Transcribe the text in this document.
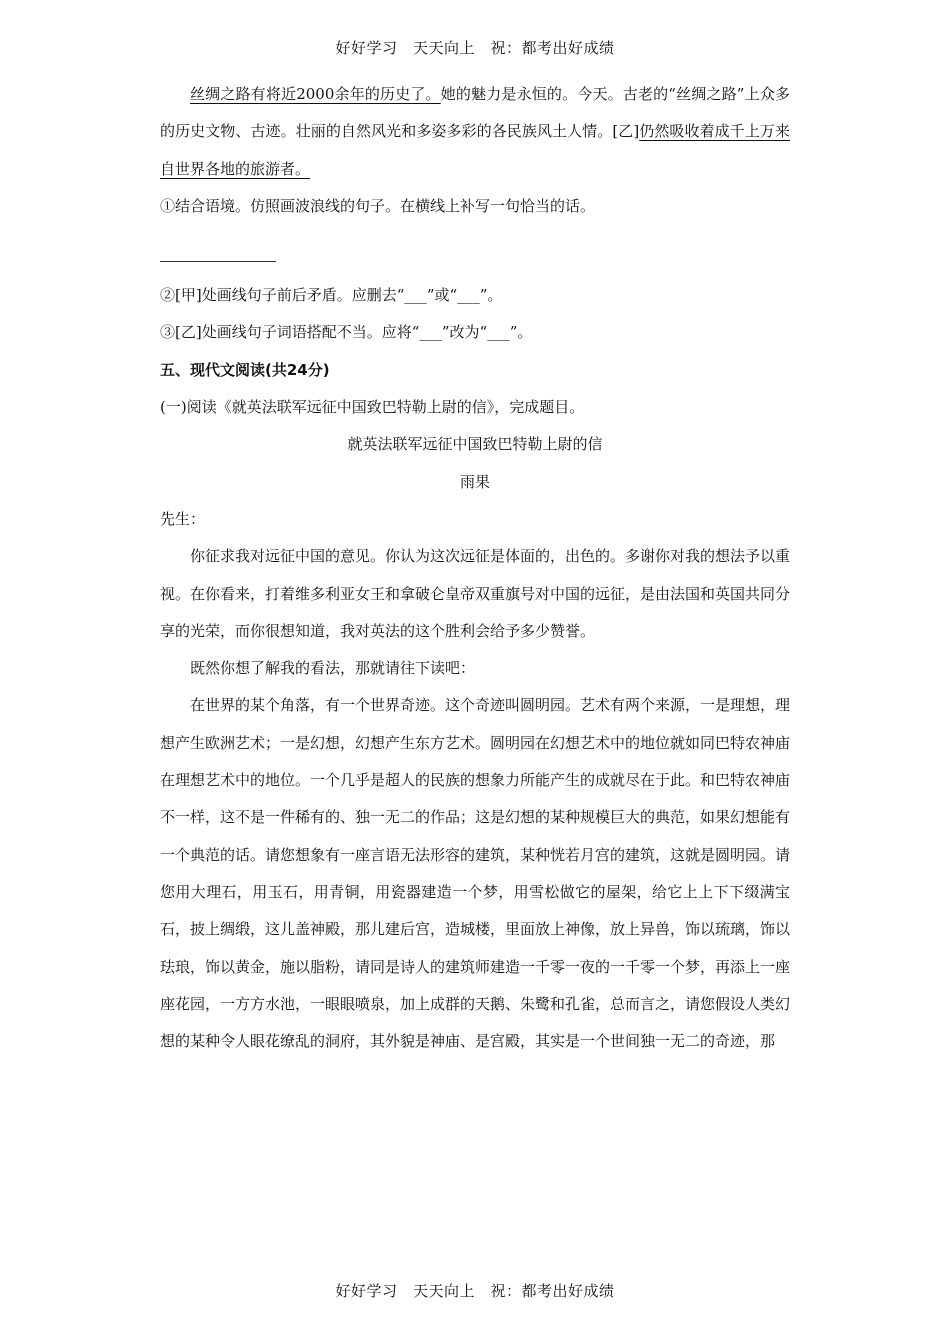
好好学习　天天向上　祝：都考出好成绩

丝绸之路有将近2000余年的历史了。她的魅力是永恒的。今天。古老的“丝绸之路”上众多的历史文物、古迹。壮丽的自然风光和多姿多彩的各民族风土人情。[乙]仍然吸收着成千上万来自世界各地的旅游者。

①结合语境。仿照画波浪线的句子。在横线上补写一句恰当的话。

②[甲]处画线句子前后矛盾。应删去“___”或“___”。

③[乙]处画线句子词语搭配不当。应将“___”改为“___”。

五、现代文阅读(共24分)

(一)阅读《就英法联军远征中国致巴特勒上尉的信》，完成题目。

就英法联军远征中国致巴特勒上尉的信

雨果

先生：

你征求我对远征中国的意见。你认为这次远征是体面的，出色的。多谢你对我的想法予以重视。在你看来，打着维多利亚女王和拿破仑皇帝双重旗号对中国的远征，是由法国和英国共同分享的光荣，而你很想知道，我对英法的这个胜利会给予多少赞誉。

既然你想了解我的看法，那就请往下读吧：

在世界的某个角落，有一个世界奇迹。这个奇迹叫圆明园。艺术有两个来源，一是理想，理想产生欧洲艺术；一是幻想，幻想产生东方艺术。圆明园在幻想艺术中的地位就如同巴特农神庙在理想艺术中的地位。一个几乎是超人的民族的想象力所能产生的成就尽在于此。和巴特农神庙不一样，这不是一件稀有的、独一无二的作品；这是幻想的某种规模巨大的典范，如果幻想能有一个典范的话。请您想象有一座言语无法形容的建筑，某种恍若月宫的建筑，这就是圆明园。请您用大理石，用玉石，用青铜，用瓷器建造一个梦，用雪松做它的屋架，给它上上下下缀满宝石，披上绸缎，这儿盖神殿，那儿建后宫，造城楼，里面放上神像，放上异兽，饰以琉璃，饰以珐琅，饰以黄金，施以脂粉，请同是诗人的建筑师建造一千零一夜的一千零一个梦，再添上一座座花园，一方方水池，一眼眼喷泉，加上成群的天鹅、朱鹭和孔雀，总而言之，请您假设人类幻想的某种令人眼花缭乱的洞府，其外貌是神庙、是宫殿，其实是一个世间独一无二的奇迹，那

好好学习　天天向上　祝：都考出好成绩
